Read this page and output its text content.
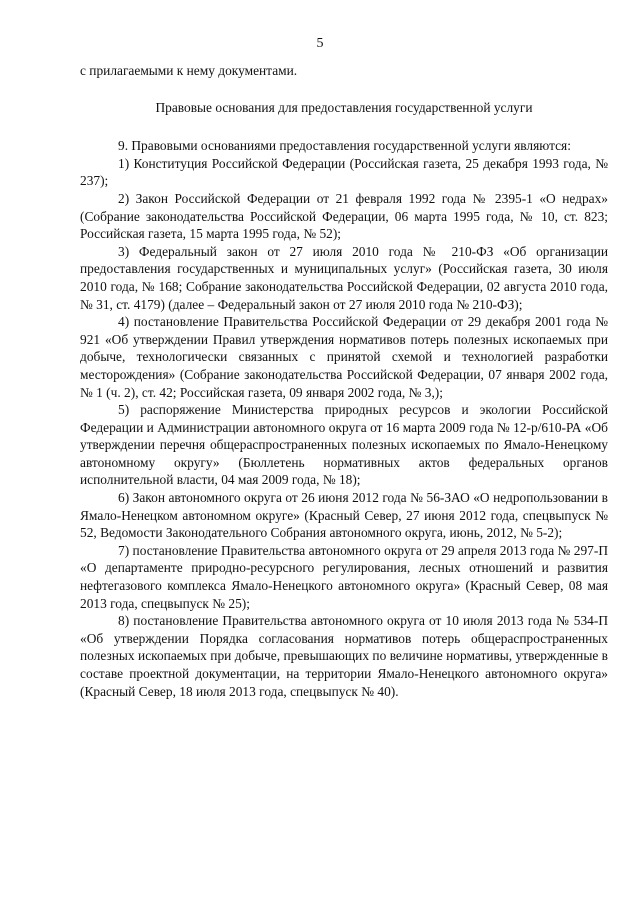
5

с прилагаемыми к нему документами.

Правовые основания для предоставления государственной услуги

9. Правовыми основаниями предоставления государственной услуги являются:

1) Конституция Российской Федерации (Российская газета, 25 декабря 1993 года, № 237);

2) Закон Российской Федерации от 21 февраля 1992 года № 2395-1 «О недрах» (Собрание законодательства Российской Федерации, 06 марта 1995 года, № 10, ст. 823; Российская газета, 15 марта 1995 года, № 52);

3) Федеральный закон от 27 июля 2010 года № 210-ФЗ «Об организации предоставления государственных и муниципальных услуг» (Российская газета, 30 июля 2010 года, № 168; Собрание законодательства Российской Федерации, 02 августа 2010 года, № 31, ст. 4179) (далее – Федеральный закон от 27 июля 2010 года № 210-ФЗ);

4) постановление Правительства Российской Федерации от 29 декабря 2001 года № 921 «Об утверждении Правил утверждения нормативов потерь полезных ископаемых при добыче, технологически связанных с принятой схемой и технологией разработки месторождения» (Собрание законодательства Российской Федерации, 07 января 2002 года, № 1 (ч. 2), ст. 42; Российская газета, 09 января 2002 года, № 3,);

5) распоряжение Министерства природных ресурсов и экологии Российской Федерации и Администрации автономного округа от 16 марта 2009 года № 12-р/610-РА «Об утверждении перечня общераспространенных полезных ископаемых по Ямало-Ненецкому автономному округу» (Бюллетень нормативных актов федеральных органов исполнительной власти, 04 мая 2009 года, № 18);

6) Закон автономного округа от 26 июня 2012 года № 56-ЗАО «О недропользовании в Ямало-Ненецком автономном округе» (Красный Север, 27 июня 2012 года, спецвыпуск № 52, Ведомости Законодательного Собрания автономного округа, июнь, 2012, № 5-2);

7) постановление Правительства автономного округа от 29 апреля 2013 года № 297-П «О департаменте природно-ресурсного регулирования, лесных отношений и развития нефтегазового комплекса Ямало-Ненецкого автономного округа» (Красный Север, 08 мая 2013 года, спецвыпуск № 25);

8) постановление Правительства автономного округа от 10 июля 2013 года № 534-П «Об утверждении Порядка согласования нормативов потерь общераспространенных полезных ископаемых при добыче, превышающих по величине нормативы, утвержденные в составе проектной документации, на территории Ямало-Ненецкого автономного округа» (Красный Север, 18 июля 2013 года, спецвыпуск № 40).
